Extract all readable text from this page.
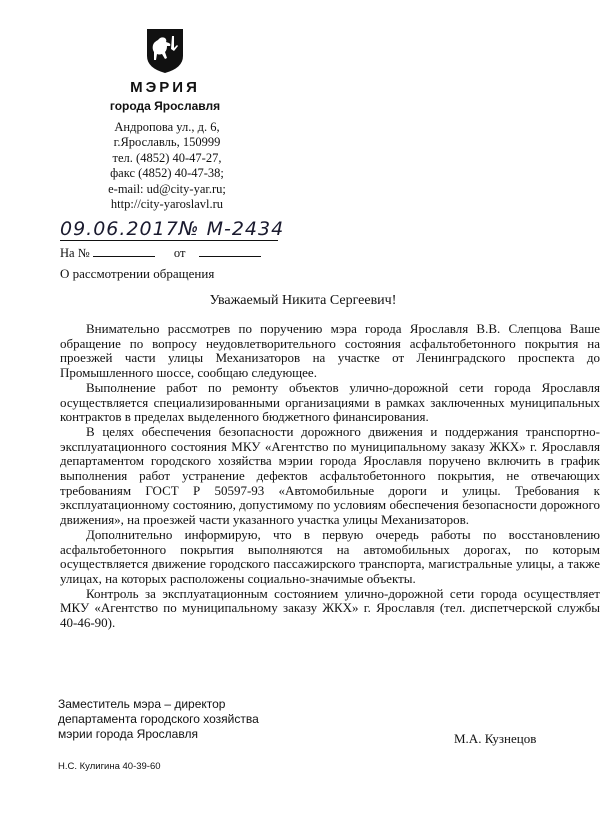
МЭРИЯ
города Ярославля
Андропова ул., д. 6,
г.Ярославль, 150999
тел. (4852) 40-47-27,
факс (4852) 40-47-38;
e-mail: ud@city-yar.ru;
http://city-yaroslavl.ru
09.06.2017№ М-2434
На №	от
О рассмотрении обращения
Уважаемый Никита Сергеевич!

Внимательно рассмотрев по поручению мэра города Ярославля В.В. Слепцова Ваше обращение по вопросу неудовлетворительного состояния асфальтобетонного покрытия на проезжей части улицы Механизаторов на участке от Ленинградского проспекта до Промышленного шоссе, сообщаю следующее.

Выполнение работ по ремонту объектов улично-дорожной сети города Ярославля осуществляется специализированными организациями в рамках заключенных муниципальных контрактов в пределах выделенного бюджетного финансирования.

В целях обеспечения безопасности дорожного движения и поддержания транспортно-эксплуатационного состояния МКУ «Агентство по муниципальному заказу ЖКХ» г. Ярославля департаментом городского хозяйства мэрии города Ярославля поручено включить в график выполнения работ устранение дефектов асфальтобетонного покрытия, не отвечающих требованиям ГОСТ Р 50597-93 «Автомобильные дороги и улицы. Требования к эксплуатационному состоянию, допустимому по условиям обеспечения безопасности дорожного движения», на проезжей части указанного участка улицы Механизаторов.

Дополнительно информирую, что в первую очередь работы по восстановлению асфальтобетонного покрытия выполняются на автомобильных дорогах, по которым осуществляется движение городского пассажирского транспорта, магистральные улицы, а также улицах, на которых расположены социально-значимые объекты.

Контроль за эксплуатационным состоянием улично-дорожной сети города осуществляет МКУ «Агентство по муниципальному заказу ЖКХ» г. Ярославля (тел. диспетчерской службы 40-46-90).

Заместитель мэра – директор
департамента городского хозяйства
мэрии города Ярославля	М.А. Кузнецов
Н.С. Кулигина 40-39-60
